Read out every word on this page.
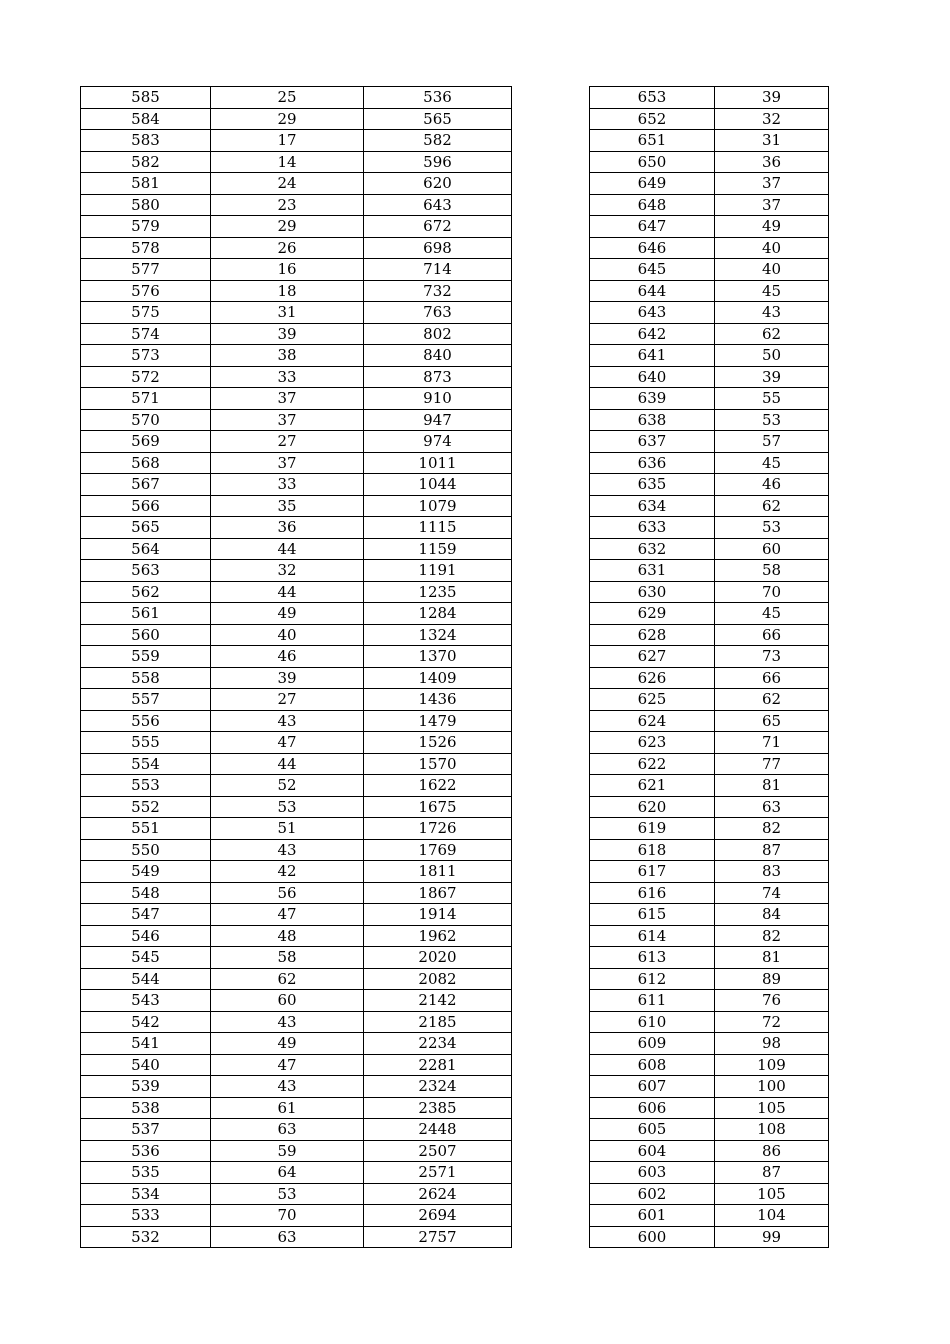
585	25	536
584	29	565
583	17	582
582	14	596
581	24	620
580	23	643
579	29	672
578	26	698
577	16	714
576	18	732
575	31	763
574	39	802
573	38	840
572	33	873
571	37	910
570	37	947
569	27	974
568	37	1011
567	33	1044
566	35	1079
565	36	1115
564	44	1159
563	32	1191
562	44	1235
561	49	1284
560	40	1324
559	46	1370
558	39	1409
557	27	1436
556	43	1479
555	47	1526
554	44	1570
553	52	1622
552	53	1675
551	51	1726
550	43	1769
549	42	1811
548	56	1867
547	47	1914
546	48	1962
545	58	2020
544	62	2082
543	60	2142
542	43	2185
541	49	2234
540	47	2281
539	43	2324
538	61	2385
537	63	2448
536	59	2507
535	64	2571
534	53	2624
533	70	2694
532	63	2757
653	39
652	32
651	31
650	36
649	37
648	37
647	49
646	40
645	40
644	45
643	43
642	62
641	50
640	39
639	55
638	53
637	57
636	45
635	46
634	62
633	53
632	60
631	58
630	70
629	45
628	66
627	73
626	66
625	62
624	65
623	71
622	77
621	81
620	63
619	82
618	87
617	83
616	74
615	84
614	82
613	81
612	89
611	76
610	72
609	98
608	109
607	100
606	105
605	108
604	86
603	87
602	105
601	104
600	99
